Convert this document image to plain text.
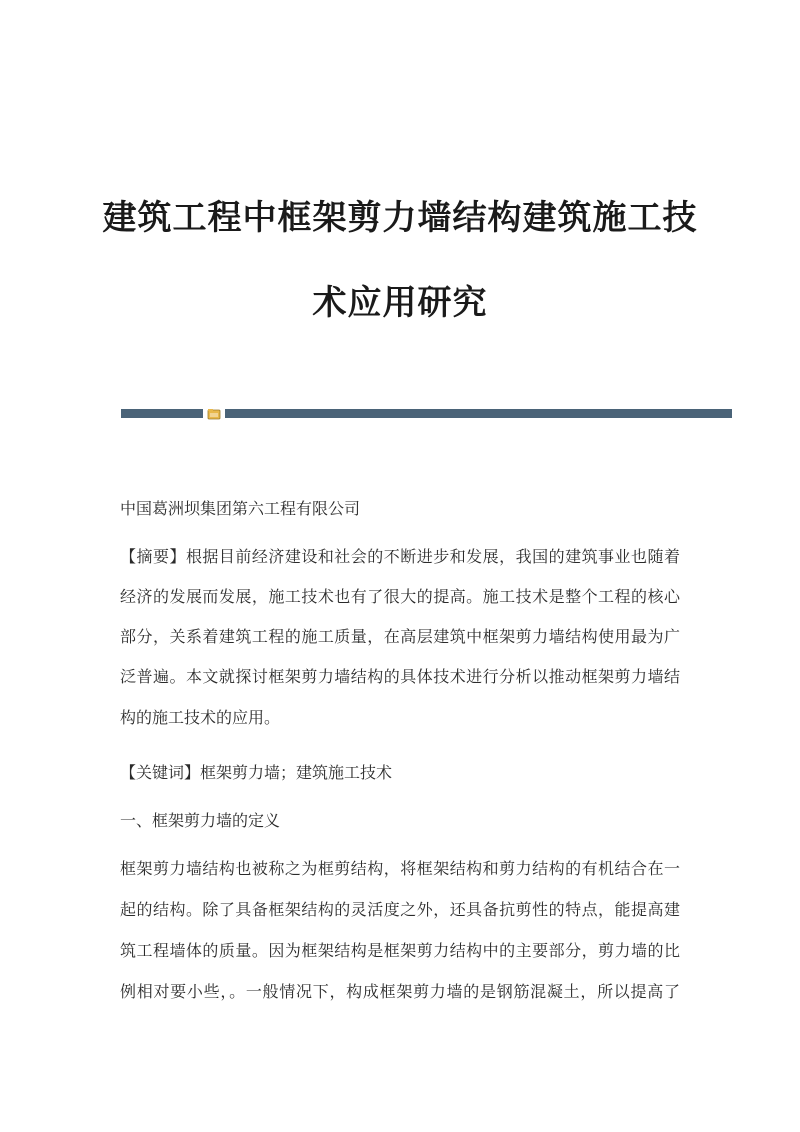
建筑工程中框架剪力墙结构建筑施工技
术应用研究
中国葛洲坝集团第六工程有限公司
【摘要】根据目前经济建设和社会的不断进步和发展，我国的建筑事业也随着
经济的发展而发展，施工技术也有了很大的提高。施工技术是整个工程的核心
部分，关系着建筑工程的施工质量，在高层建筑中框架剪力墙结构使用最为广
泛普遍。本文就探讨框架剪力墙结构的具体技术进行分析以推动框架剪力墙结
构的施工技术的应用。
【关键词】框架剪力墙；建筑施工技术
一、框架剪力墙的定义
框架剪力墙结构也被称之为框剪结构，将框架结构和剪力结构的有机结合在一
起的结构。除了具备框架结构的灵活度之外，还具备抗剪性的特点，能提高建
筑工程墙体的质量。因为框架结构是框架剪力结构中的主要部分，剪力墙的比
例相对要小些，。一般情况下，构成框架剪力墙的是钢筋混凝土，所以提高了
